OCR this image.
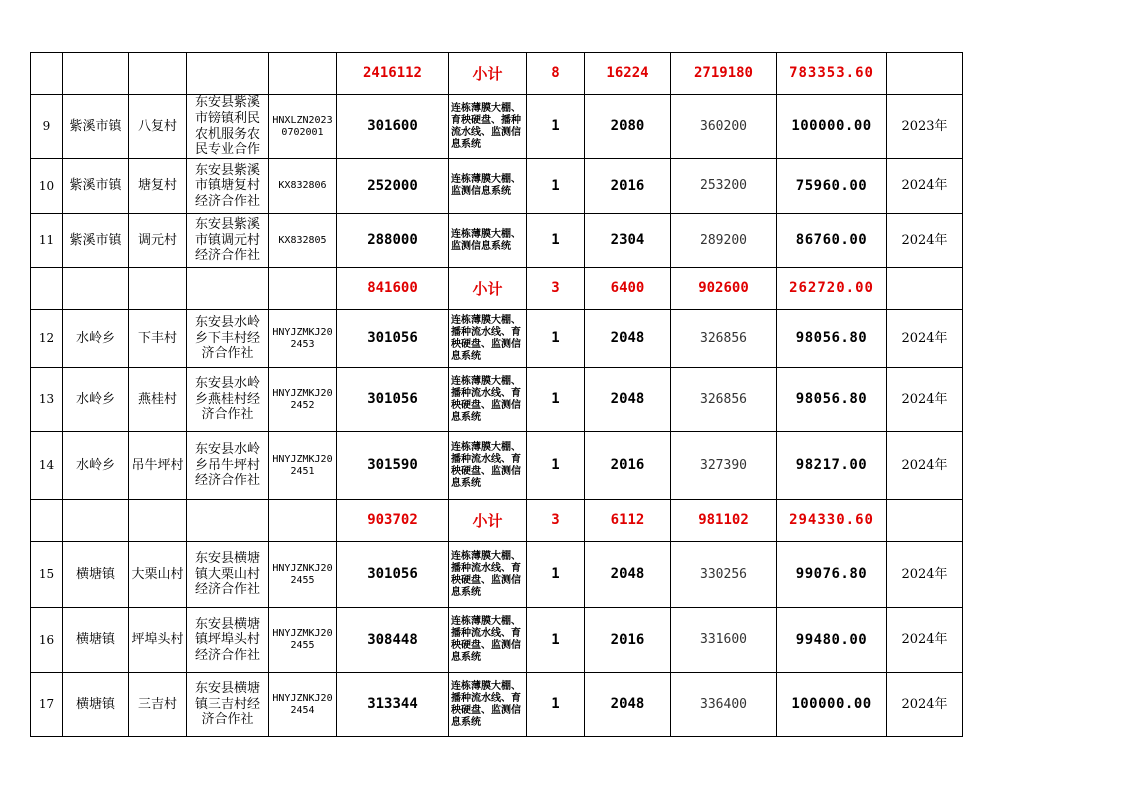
					2416112	小计	8	16224	2719180	783353.60	
9	紫溪市镇	八复村	东安县紫溪市镑镇利民农机服务农民专业合作	HNXLZN20230702001	301600	连栋薄膜大棚、育秧硬盘、播种流水线、监测信息系统	1	2080	360200	100000.00	2023年
10	紫溪市镇	塘复村	东安县紫溪市镇塘复村经济合作社	KX832806	252000	连栋薄膜大棚、监测信息系统	1	2016	253200	75960.00	2024年
11	紫溪市镇	调元村	东安县紫溪市镇调元村经济合作社	KX832805	288000	连栋薄膜大棚、监测信息系统	1	2304	289200	86760.00	2024年
					841600	小计	3	6400	902600	262720.00	
12	水岭乡	下丰村	东安县水岭乡下丰村经济合作社	HNYJZMKJ202453	301056	连栋薄膜大棚、播种流水线、育秧硬盘、监测信息系统	1	2048	326856	98056.80	2024年
13	水岭乡	燕桂村	东安县水岭乡燕桂村经济合作社	HNYJZMKJ202452	301056	连栋薄膜大棚、播种流水线、育秧硬盘、监测信息系统	1	2048	326856	98056.80	2024年
14	水岭乡	吊牛坪村	东安县水岭乡吊牛坪村经济合作社	HNYJZMKJ202451	301590	连栋薄膜大棚、播种流水线、育秧硬盘、监测信息系统	1	2016	327390	98217.00	2024年
					903702	小计	3	6112	981102	294330.60	
15	横塘镇	大栗山村	东安县横塘镇大栗山村经济合作社	HNYJZNKJ202455	301056	连栋薄膜大棚、播种流水线、育秧硬盘、监测信息系统	1	2048	330256	99076.80	2024年
16	横塘镇	坪埠头村	东安县横塘镇坪埠头村经济合作社	HNYJZMKJ202455	308448	连栋薄膜大棚、播种流水线、育秧硬盘、监测信息系统	1	2016	331600	99480.00	2024年
17	横塘镇	三吉村	东安县横塘镇三吉村经济合作社	HNYJZNKJ202454	313344	连栋薄膜大棚、播种流水线、育秧硬盘、监测信息系统	1	2048	336400	100000.00	2024年
